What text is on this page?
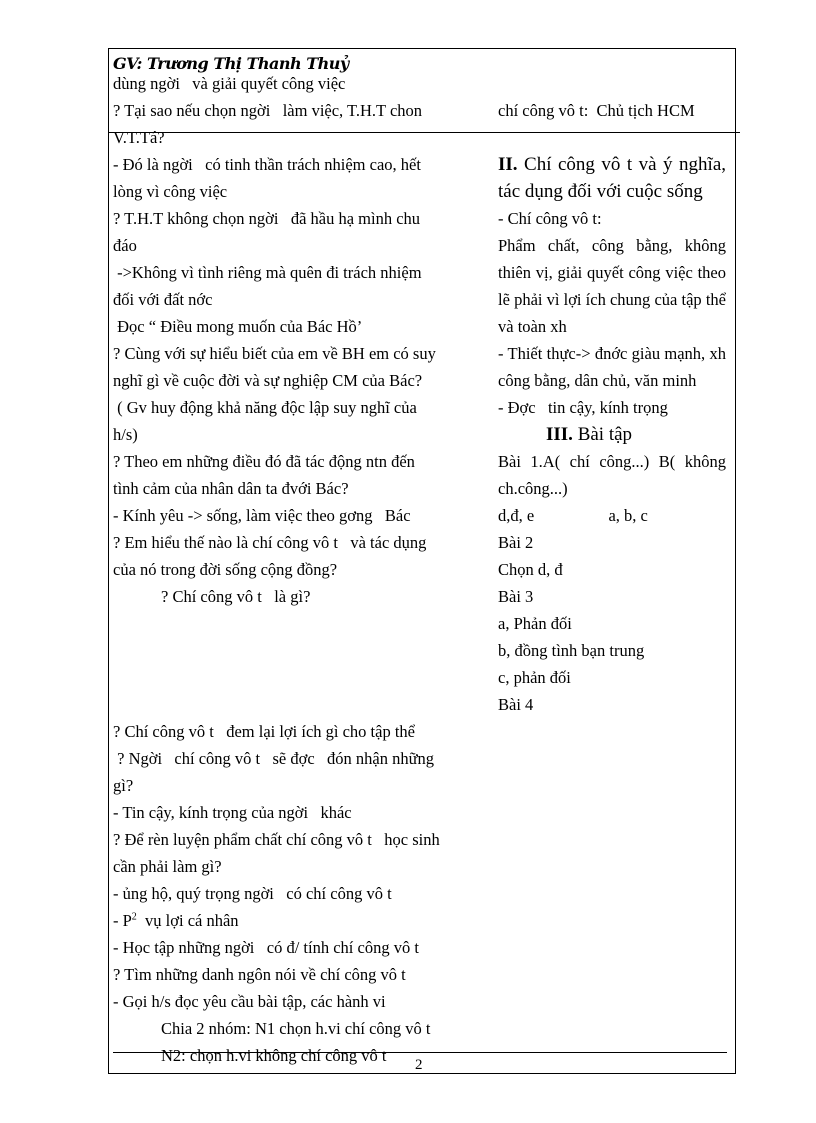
GV: Trương Thị Thanh Thuỷ
dùng ngời   và giải quyết công việc
? Tại sao nếu chọn ngời   làm việc, T.H.T chon
V.T.Tá?
- Đó là ngời   có tinh thần trách nhiệm cao, hết
lòng vì công việc
? T.H.T không chọn ngời   đã hầu hạ mình chu
đáo
->Không vì tình riêng mà quên đi trách nhiệm
đối với đất nớc
Đọc “ Điều mong muốn của Bác Hồ’
? Cùng với sự hiểu biết của em về BH em có suy
nghĩ gì về cuộc đời và sự nghiệp CM của Bác?
( Gv huy động khả năng độc lập suy nghĩ của
h/s)
? Theo em những điều đó đã tác động ntn đến
tình cảm của nhân dân ta đvới Bác?
- Kính yêu -> sống, làm việc theo gơng   Bác
? Em hiểu thế nào là chí công vô t   và tác dụng
của nó trong đời sống cộng đồng?
? Chí công vô t   là gì?
? Chí công vô t   đem lại lợi ích gì cho tập thể
? Ngời   chí công vô t   sẽ đợc   đón nhận những
gì?
- Tin cậy, kính trọng của ngời   khác
? Để rèn luyện phẩm chất chí công vô t   học sinh
cần phải làm gì?
- ủng hộ, quý trọng ngời   có chí công vô t
- $P^2$  vụ lợi cá nhân
- Học tập những ngời   có đ/ tính chí công vô t
? Tìm những danh ngôn nói về chí công vô t
- Gọi h/s đọc yêu cầu bài tập, các hành vi
Chia 2 nhóm: N1 chọn h.vi chí công vô t
N2: chọn h.vi không chí công vô t
chí công vô t:  Chủ tịch HCM
II. Chí công vô t và ý nghĩa, tác dụng đối với cuộc sống
- Chí công vô t:
Phẩm chất, công bằng, không thiên vị, giải quyết công việc theo lẽ phải vì lợi ích chung của tập thể và toàn xh
- Thiết thực-> đnớc giàu mạnh, xh công bằng, dân chủ, văn minh
- Đợc   tin cậy, kính trọng
III. Bài tập
Bài 1.A( chí công...) B( không ch.công...)
d,đ, e                  a, b, c
Bài 2
Chọn d, đ
Bài 3
a, Phản đối
b, đồng tình bạn trung
c, phản đối
Bài 4
2
